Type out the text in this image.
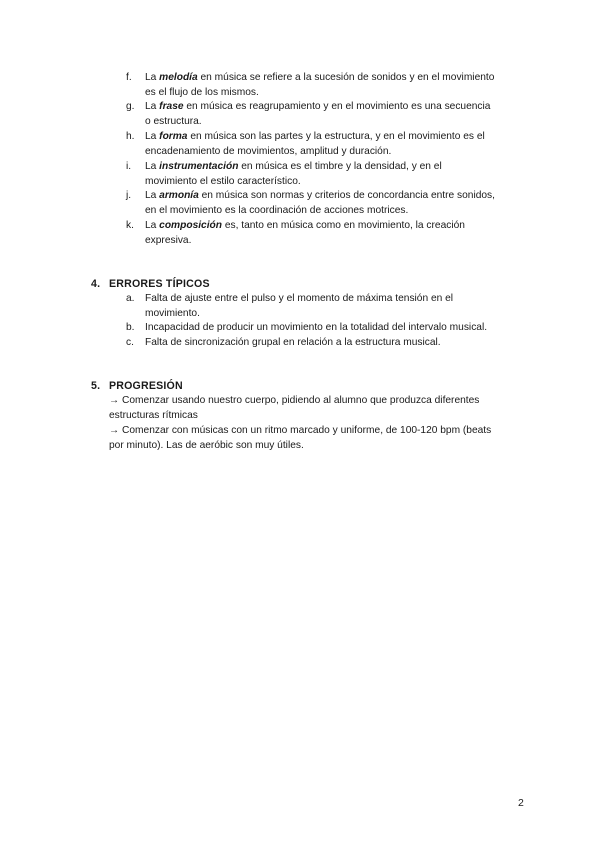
f. La melodía en música se refiere a la sucesión de sonidos y en el movimiento
es el flujo de los mismos.
g. La frase en música es reagrupamiento y en el movimiento es una secuencia
o estructura.
h. La forma en música son las partes y la estructura, y en el movimiento es el
encadenamiento de movimientos, amplitud y duración.
i. La instrumentación en música es el timbre y la densidad, y en el
movimiento el estilo característico.
j. La armonía en música son normas y criterios de concordancia entre sonidos,
en el movimiento es la coordinación de acciones motrices.
k. La composición es, tanto en música como en movimiento, la creación
expresiva.
4. ERRORES TÍPICOS
a. Falta de ajuste entre el pulso y el momento de máxima tensión en el
movimiento.
b. Incapacidad de producir un movimiento en la totalidad del intervalo musical.
c. Falta de sincronización grupal en relación a la estructura musical.
5. PROGRESIÓN
→ Comenzar usando nuestro cuerpo, pidiendo al alumno que produzca diferentes
estructuras rítmicas
→ Comenzar con músicas con un ritmo marcado y uniforme, de 100-120 bpm (beats
por minuto). Las de aeróbic son muy útiles.
2
